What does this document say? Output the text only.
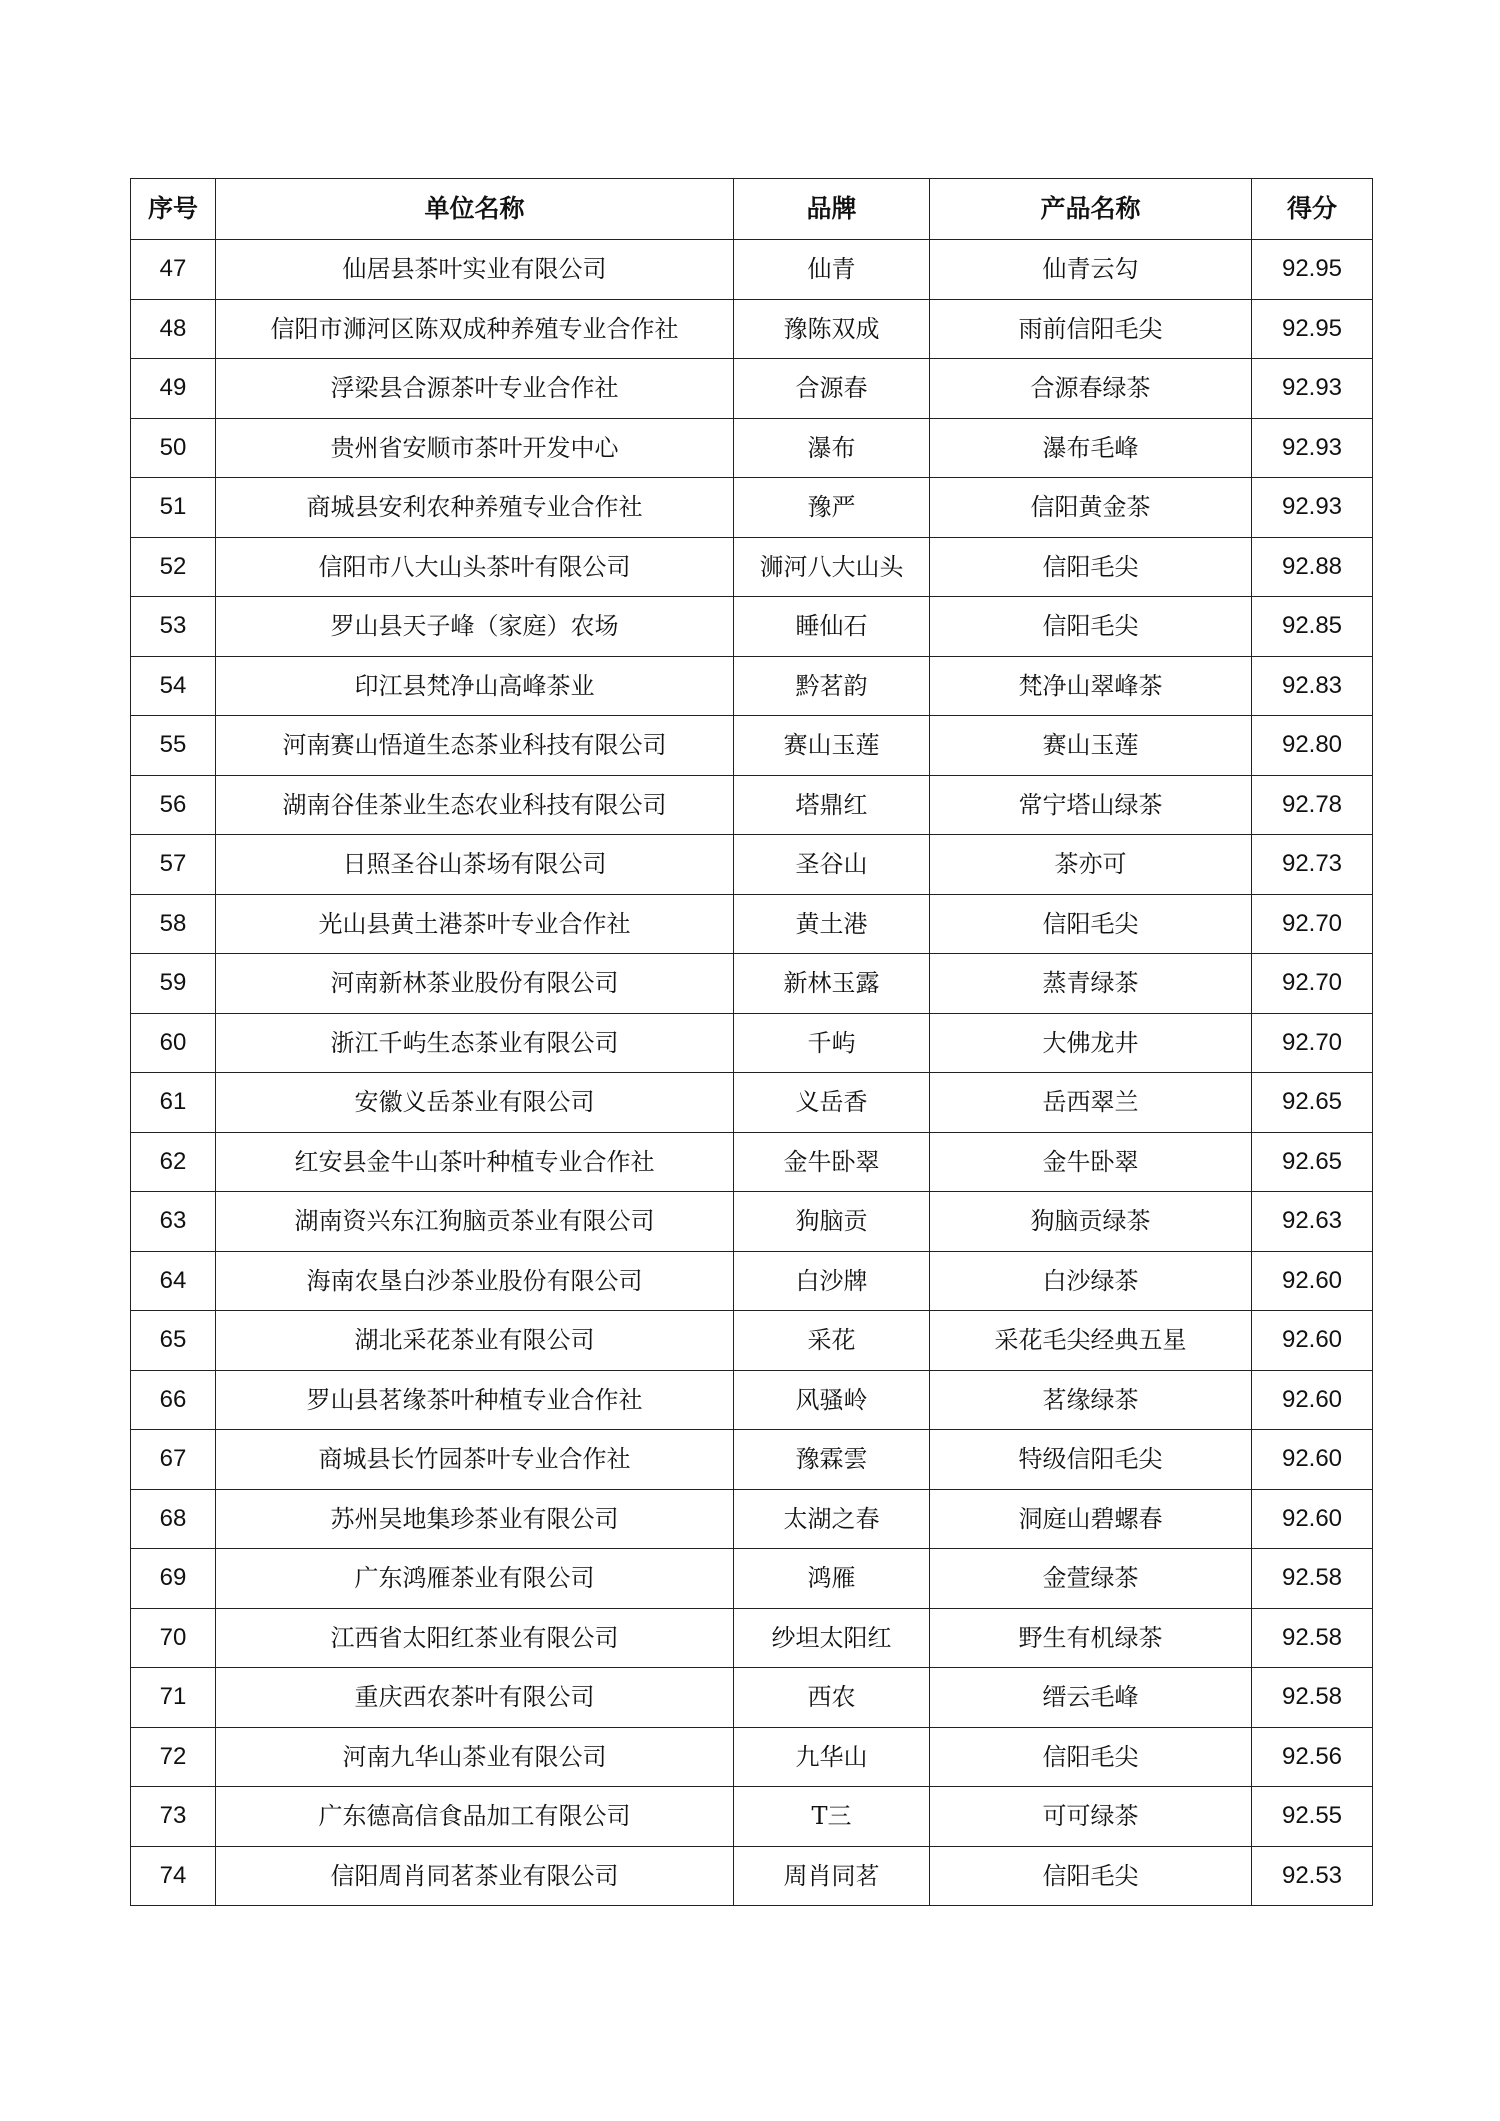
序号	单位名称	品牌	产品名称	得分
47	仙居县茶叶实业有限公司	仙青	仙青云勾	92.95
48	信阳市浉河区陈双成种养殖专业合作社	豫陈双成	雨前信阳毛尖	92.95
49	浮梁县合源茶叶专业合作社	合源春	合源春绿茶	92.93
50	贵州省安顺市茶叶开发中心	瀑布	瀑布毛峰	92.93
51	商城县安利农种养殖专业合作社	豫严	信阳黄金茶	92.93
52	信阳市八大山头茶叶有限公司	浉河八大山头	信阳毛尖	92.88
53	罗山县天子峰（家庭）农场	睡仙石	信阳毛尖	92.85
54	印江县梵净山高峰茶业	黔茗韵	梵净山翠峰茶	92.83
55	河南赛山悟道生态茶业科技有限公司	赛山玉莲	赛山玉莲	92.80
56	湖南谷佳茶业生态农业科技有限公司	塔鼎红	常宁塔山绿茶	92.78
57	日照圣谷山茶场有限公司	圣谷山	茶亦可	92.73
58	光山县黄土港茶叶专业合作社	黄土港	信阳毛尖	92.70
59	河南新林茶业股份有限公司	新林玉露	蒸青绿茶	92.70
60	浙江千屿生态茶业有限公司	千屿	大佛龙井	92.70
61	安徽义岳茶业有限公司	义岳香	岳西翠兰	92.65
62	红安县金牛山茶叶种植专业合作社	金牛卧翠	金牛卧翠	92.65
63	湖南资兴东江狗脑贡茶业有限公司	狗脑贡	狗脑贡绿茶	92.63
64	海南农垦白沙茶业股份有限公司	白沙牌	白沙绿茶	92.60
65	湖北采花茶业有限公司	采花	采花毛尖经典五星	92.60
66	罗山县茗缘茶叶种植专业合作社	风骚岭	茗缘绿茶	92.60
67	商城县长竹园茶叶专业合作社	豫霖雲	特级信阳毛尖	92.60
68	苏州吴地集珍茶业有限公司	太湖之春	洞庭山碧螺春	92.60
69	广东鸿雁茶业有限公司	鸿雁	金萱绿茶	92.58
70	江西省太阳红茶业有限公司	纱坦太阳红	野生有机绿茶	92.58
71	重庆西农茶叶有限公司	西农	缙云毛峰	92.58
72	河南九华山茶业有限公司	九华山	信阳毛尖	92.56
73	广东德高信食品加工有限公司	T三	可可绿茶	92.55
74	信阳周肖同茗茶业有限公司	周肖同茗	信阳毛尖	92.53
